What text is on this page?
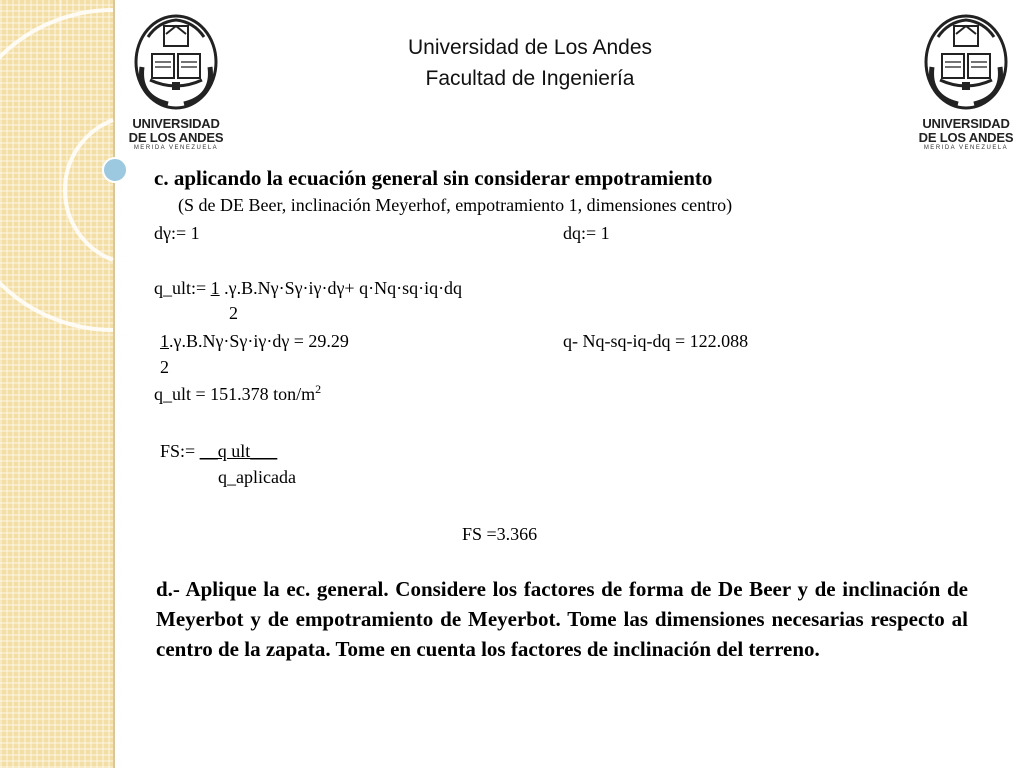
UNIVERSIDAD
DE LOS ANDES
MERIDA VENEZUELA
UNIVERSIDAD
DE LOS ANDES
MERIDA VENEZUELA
Universidad de Los Andes
Facultad de Ingeniería
c. aplicando la ecuación general sin considerar empotramiento
(S de DE Beer, inclinación Meyerhof, empotramiento 1, dimensiones centro)
dγ:= 1	dq:= 1
q_ult:= 1 .γ.B.Nγ·Sγ·iγ·dγ+ q·Nq·sq·iq·dq
2
1.γ.B.Nγ·Sγ·iγ·dγ = 29.29	q- Nq-sq-iq-dq = 122.088
2
q_ult = 151.378 ton/$m^2$
FS:= __q ult___
q_aplicada
FS =3.366
d.- Aplique la ec. general. Considere los factores de forma de De Beer y de inclinación de Meyerbot y de empotramiento de Meyerbot. Tome las dimensiones necesarias respecto al centro de la zapata. Tome en cuenta los factores de inclinación del terreno.
